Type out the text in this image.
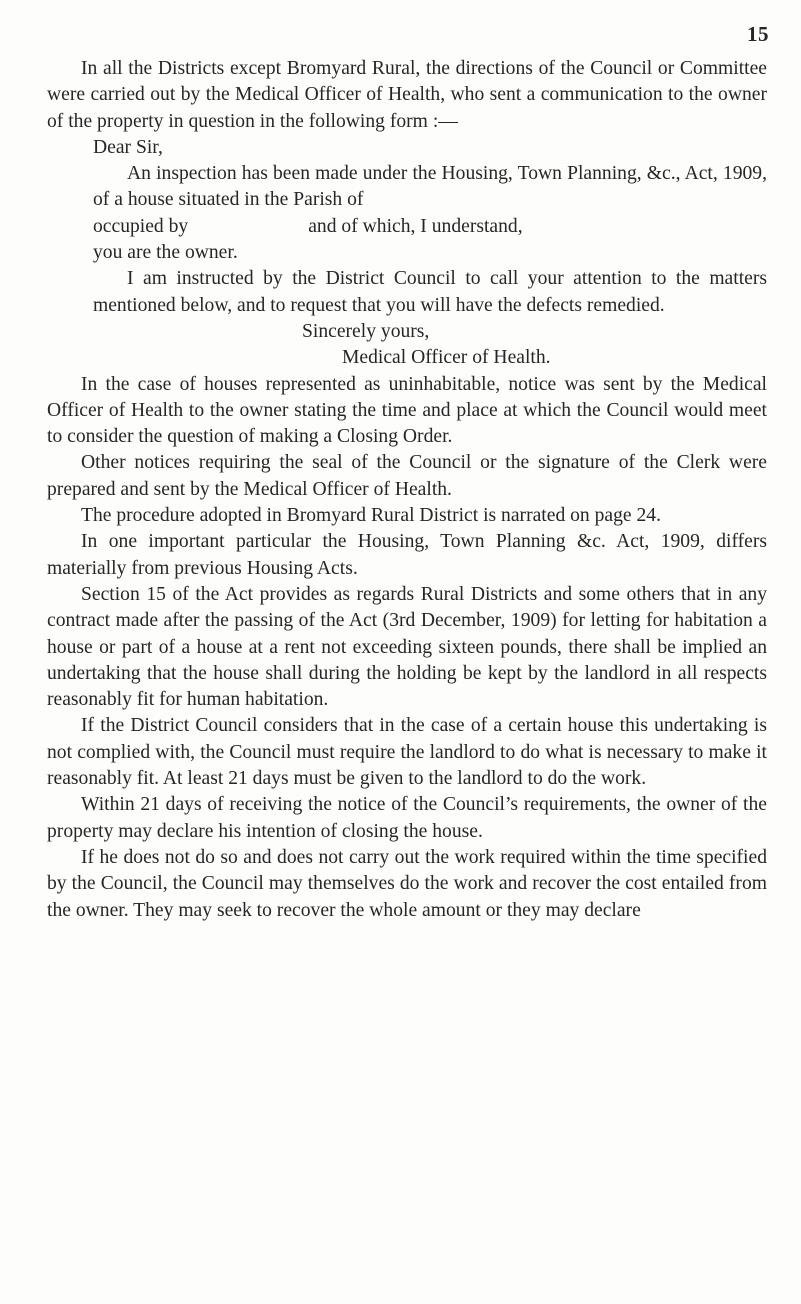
15

In all the Districts except Bromyard Rural, the directions of the Council or Committee were carried out by the Medical Officer of Health, who sent a communication to the owner of the property in question in the following form :—

Dear Sir,

An inspection has been made under the Housing, Town Planning, &c., Act, 1909, of a house situated in the Parish of

occupied by	and of which, I understand,

you are the owner.

I am instructed by the District Council to call your attention to the matters mentioned below, and to request that you will have the defects remedied.

Sincerely yours,

Medical Officer of Health.

In the case of houses represented as uninhabitable, notice was sent by the Medical Officer of Health to the owner stating the time and place at which the Council would meet to consider the question of making a Closing Order.

Other notices requiring the seal of the Council or the signature of the Clerk were prepared and sent by the Medical Officer of Health.

The procedure adopted in Bromyard Rural District is narrated on page 24.

In one important particular the Housing, Town Planning &c. Act, 1909, differs materially from previous Housing Acts.

Section 15 of the Act provides as regards Rural Districts and some others that in any contract made after the passing of the Act (3rd December, 1909) for letting for habitation a house or part of a house at a rent not exceeding sixteen pounds, there shall be implied an undertaking that the house shall during the holding be kept by the landlord in all respects reasonably fit for human habitation.

If the District Council considers that in the case of a certain house this undertaking is not complied with, the Council must require the landlord to do what is necessary to make it reasonably fit. At least 21 days must be given to the landlord to do the work.

Within 21 days of receiving the notice of the Council’s requirements, the owner of the property may declare his intention of closing the house.

If he does not do so and does not carry out the work required within the time specified by the Council, the Council may themselves do the work and recover the cost entailed from the owner. They may seek to recover the whole amount or they may declare
